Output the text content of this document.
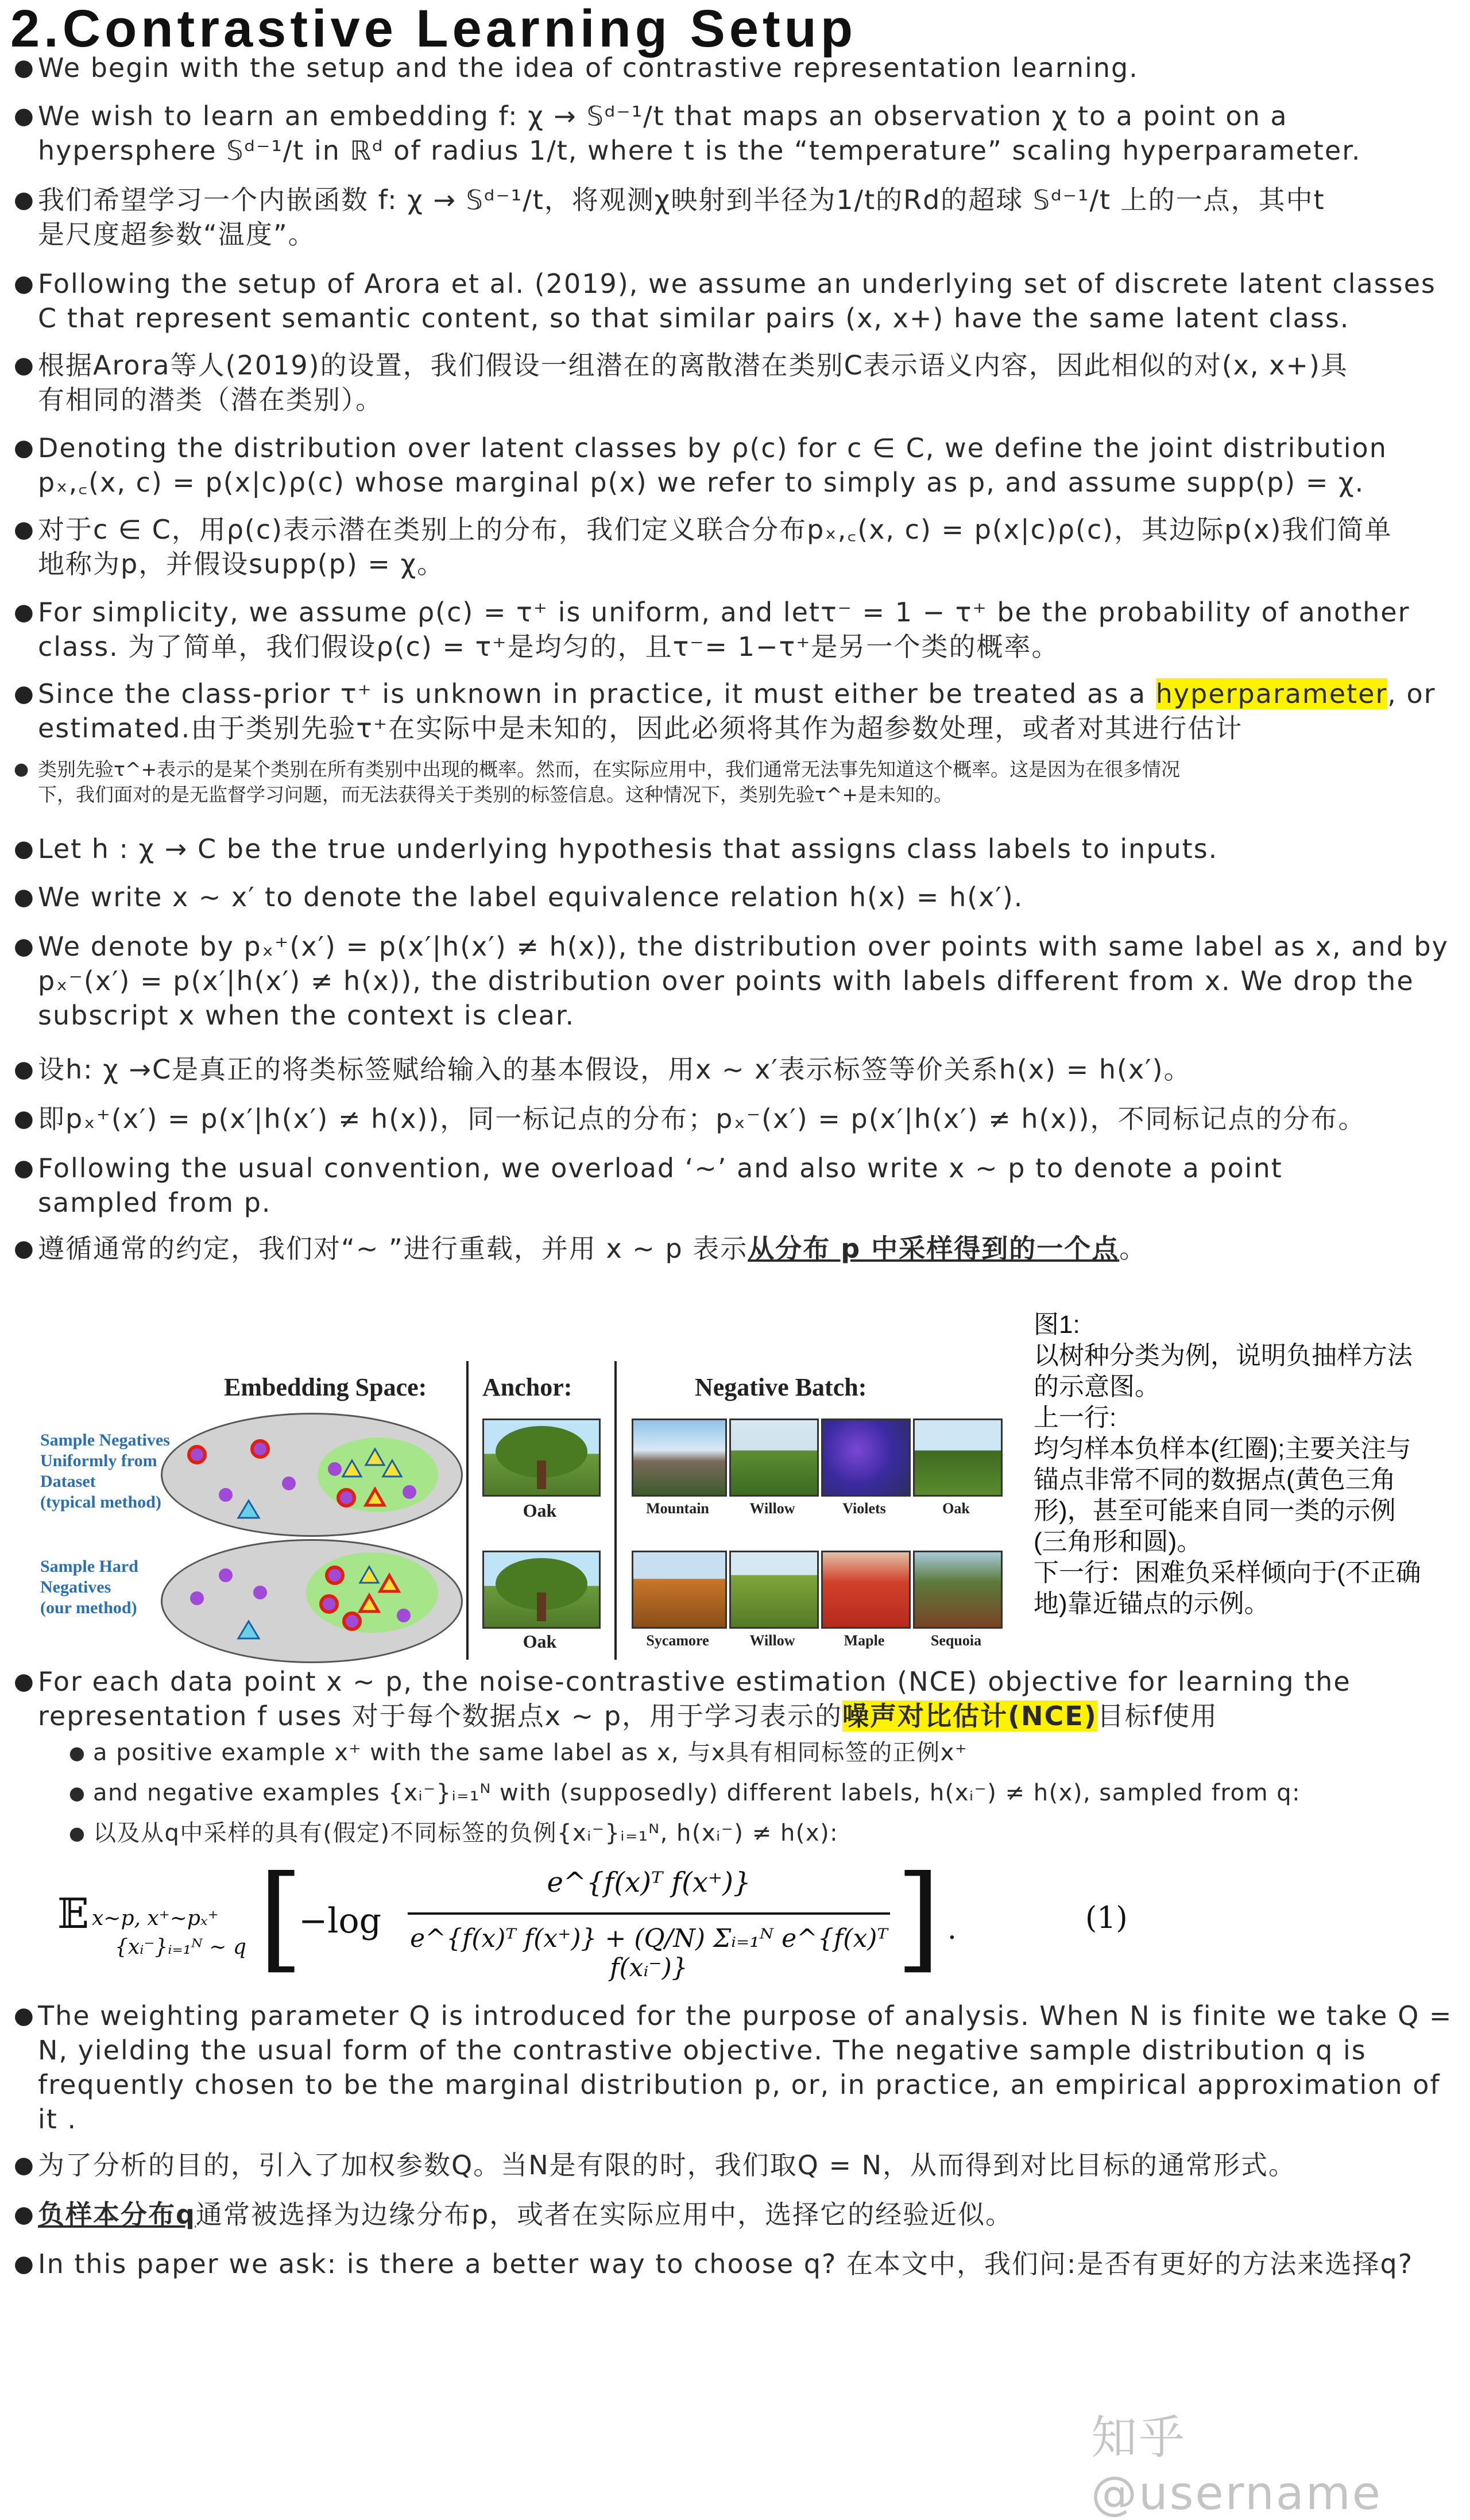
2.Contrastive Learning Setup
● We begin with the setup and the idea of contrastive representation learning.
● We wish to learn an embedding f: χ → 𝕊ᵈ⁻¹/t that maps an observation χ to a point on a
hypersphere 𝕊ᵈ⁻¹/t in ℝᵈ of radius 1/t, where t is the “temperature” scaling hyperparameter.
● 我们希望学习一个内嵌函数 f: χ → 𝕊ᵈ⁻¹/t，将观测χ映射到半径为1/t的Rd的超球 𝕊ᵈ⁻¹/t 上的一点，其中t
是尺度超参数“温度”。
● Following the setup of Arora et al. (2019), we assume an underlying set of discrete latent classes
C that represent semantic content, so that similar pairs (x, x+) have the same latent class.
● 根据Arora等人(2019)的设置，我们假设一组潜在的离散潜在类别C表示语义内容，因此相似的对(x, x+)具
有相同的潜类（潜在类别）。
● Denoting the distribution over latent classes by ρ(c) for c ∈ C, we define the joint distribution
pₓ,꜀(x, c) = p(x|c)ρ(c) whose marginal p(x) we refer to simply as p, and assume supp(p) = χ.
● 对于c ∈ C，用ρ(c)表示潜在类别上的分布，我们定义联合分布pₓ,꜀(x, c) = p(x|c)ρ(c)，其边际p(x)我们简单
地称为p，并假设supp(p) = χ。
● For simplicity, we assume ρ(c) = τ⁺ is uniform, and letτ⁻ = 1 − τ⁺ be the probability of another
class. 为了简单，我们假设ρ(c) = τ⁺是均匀的，且τ⁻= 1−τ⁺是另一个类的概率。
● Since the class-prior τ⁺ is unknown in practice, it must either be treated as a hyperparameter, or
estimated.由于类别先验τ⁺在实际中是未知的，因此必须将其作为超参数处理，或者对其进行估计
● 类别先验τ^+表示的是某个类别在所有类别中出现的概率。然而，在实际应用中，我们通常无法事先知道这个概率。这是因为在很多情况
下，我们面对的是无监督学习问题，而无法获得关于类别的标签信息。这种情况下，类别先验τ^+是未知的。
● Let h : χ → C be the true underlying hypothesis that assigns class labels to inputs.
● We write x ∼ x′ to denote the label equivalence relation h(x) = h(x′).
● We denote by pₓ⁺(x′) = p(x′|h(x′) ≠ h(x)), the distribution over points with same label as x, and by
pₓ⁻(x′) = p(x′|h(x′) ≠ h(x)), the distribution over points with labels different from x. We drop the
subscript x when the context is clear.
● 设h: χ →C是真正的将类标签赋给输入的基本假设，用x ∼ x′表示标签等价关系h(x) = h(x′)。
● 即pₓ⁺(x′) = p(x′|h(x′) ≠ h(x))，同一标记点的分布；pₓ⁻(x′) = p(x′|h(x′) ≠ h(x))，不同标记点的分布。
● Following the usual convention, we overload ‘∼’ and also write x ∼ p to denote a point
sampled from p.
● 遵循通常的约定，我们对“∼ ”进行重载，并用 x ∼ p 表示从分布 p 中采样得到的一个点。
Embedding Space: Anchor:	Negative Batch:
Sample Negatives
Uniformly from
Dataset
(typical method)
Sample Hard
Negatives
(our method)
Oak
Oak
Mountain	Willow	Violets	Oak
Sycamore	Willow	Maple	Sequoia
图1:
以树种分类为例，说明负抽样方法
的示意图。
上一行:
均匀样本负样本(红圈);主要关注与
锚点非常不同的数据点(黄色三角
形)，甚至可能来自同一类的示例
(三角形和圆)。
下一行：困难负采样倾向于(不正确
地)靠近锚点的示例。
● For each data point x ∼ p, the noise-contrastive estimation (NCE) objective for learning the
representation f uses 对于每个数据点x ∼ p，用于学习表示的噪声对比估计(NCE)目标f使用
● a positive example x⁺ with the same label as x, 与x具有相同标签的正例x⁺
● and negative examples {xᵢ⁻}ᵢ₌₁ᴺ with (supposedly) different labels, h(xᵢ⁻) ≠ h(x), sampled from q:
● 以及从q中采样的具有(假定)不同标签的负例{xᵢ⁻}ᵢ₌₁ᴺ, h(xᵢ⁻) ≠ h(x):
𝔼 x∼p, x⁺∼pₓ⁺
{xᵢ⁻}ᵢ₌₁ᴺ ∼ q [
−log
e^{f(x)ᵀ f(x⁺)}
e^{f(x)ᵀ f(x⁺)} + (Q/N) Σᵢ₌₁ᴺ e^{f(x)ᵀ f(xᵢ⁻)}	] .	(1)
● The weighting parameter Q is introduced for the purpose of analysis. When N is finite we take Q =
N, yielding the usual form of the contrastive objective. The negative sample distribution q is
frequently chosen to be the marginal distribution p, or, in practice, an empirical approximation of
it .
● 为了分析的目的，引入了加权参数Q。当N是有限的时，我们取Q = N，从而得到对比目标的通常形式。
● 负样本分布q通常被选择为边缘分布p，或者在实际应用中，选择它的经验近似。
● In this paper we ask: is there a better way to choose q? 在本文中，我们问:是否有更好的方法来选择q?
知乎 @username
